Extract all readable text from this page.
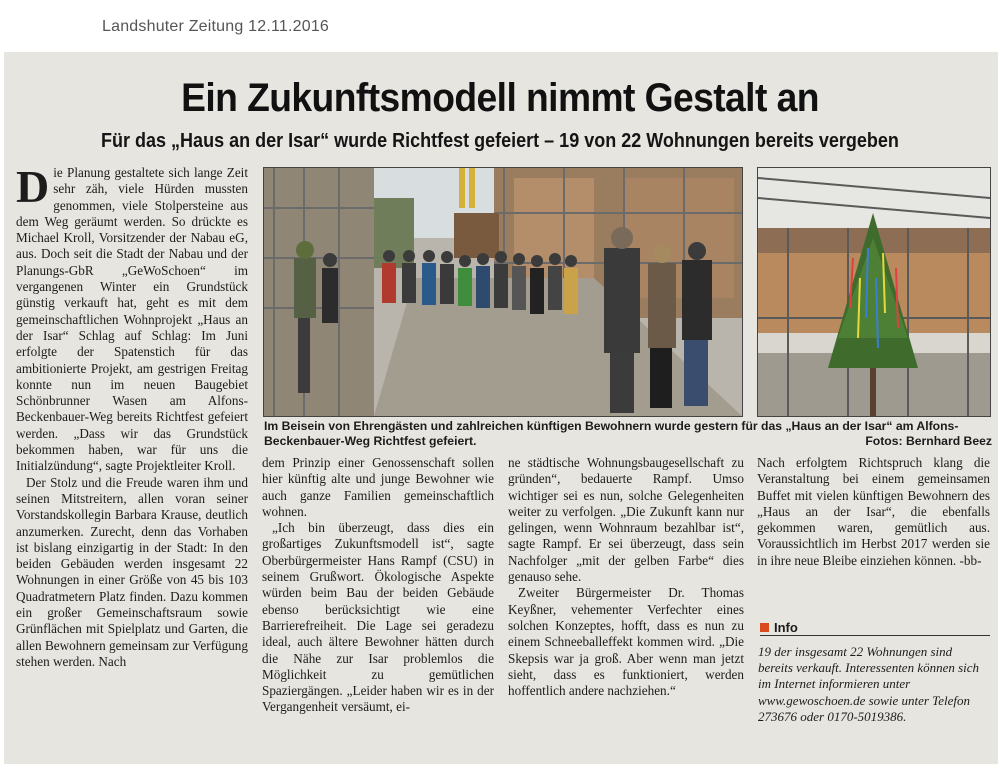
Landshuter Zeitung 12.11.2016
Ein Zukunftsmodell nimmt Gestalt an
Für das „Haus an der Isar“ wurde Richtfest gefeiert – 19 von 22 Wohnungen bereits vergeben

Die Planung gestaltete sich lange Zeit sehr zäh, viele Hürden mussten genommen, viele Stolpersteine aus dem Weg geräumt werden. So drückte es Michael Kroll, Vorsitzender der Nabau eG, aus. Doch seit die Stadt der Nabau und der Planungs-GbR „GeWoSchoen“ im vergangenen Winter ein Grundstück günstig verkauft hat, geht es mit dem gemeinschaftlichen Wohnprojekt „Haus an der Isar“ Schlag auf Schlag: Im Juni erfolgte der Spatenstich für das ambitionierte Projekt, am gestrigen Freitag konnte nun im neuen Baugebiet Schönbrunner Wasen am Alfons-Beckenbauer-Weg bereits Richtfest gefeiert werden. „Dass wir das Grundstück bekommen haben, war für uns die Initialzündung“, sagte Projektleiter Kroll.

Der Stolz und die Freude waren ihm und seinen Mitstreitern, allen voran seiner Vorstandskollegin Barbara Krause, deutlich anzumerken. Zurecht, denn das Vorhaben ist bislang einzigartig in der Stadt: In den beiden Gebäuden werden insgesamt 22 Wohnungen in einer Größe von 45 bis 103 Quadratmetern Platz finden. Dazu kommen ein großer Gemeinschaftsraum sowie Grünflächen mit Spielplatz und Garten, die allen Bewohnern gemeinsam zur Verfügung stehen werden. Nach

Im Beisein von Ehrengästen und zahlreichen künftigen Bewohnern wurde gestern für das „Haus an der Isar“ am Alfons-Beckenbauer-Weg Richtfest gefeiert.	Fotos: Bernhard Beez

dem Prinzip einer Genossenschaft sollen hier künftig alte und junge Bewohner wie auch ganze Familien gemeinschaftlich wohnen.

„Ich bin überzeugt, dass dies ein großartiges Zukunftsmodell ist“, sagte Oberbürgermeister Hans Rampf (CSU) in seinem Grußwort. Ökologische Aspekte würden beim Bau der beiden Gebäude ebenso berücksichtigt wie eine Barrierefreiheit. Die Lage sei geradezu ideal, auch ältere Bewohner hätten durch die Nähe zur Isar problemlos die Möglichkeit zu gemütlichen Spaziergängen. „Leider haben wir es in der Vergangenheit versäumt, ei-

ne städtische Wohnungsbaugesellschaft zu gründen“, bedauerte Rampf. Umso wichtiger sei es nun, solche Gelegenheiten weiter zu verfolgen. „Die Zukunft kann nur gelingen, wenn Wohnraum bezahlbar ist“, sagte Rampf. Er sei überzeugt, dass sein Nachfolger „mit der gelben Farbe“ dies genauso sehe.

Zweiter Bürgermeister Dr. Thomas Keyßner, vehementer Verfechter eines solchen Konzeptes, hofft, dass es nun zu einem Schneeballeffekt kommen wird. „Die Skepsis war ja groß. Aber wenn man jetzt sieht, dass es funktioniert, werden hoffentlich andere nachziehen.“

Nach erfolgtem Richtspruch klang die Veranstaltung bei einem gemeinsamen Buffet mit vielen künftigen Bewohnern des „Haus an der Isar“, die ebenfalls gekommen waren, gemütlich aus. Voraussichtlich im Herbst 2017 werden sie in ihre neue Bleibe einziehen können. -bb-

Info
19 der insgesamt 22 Wohnungen sind bereits verkauft. Interessenten können sich im Internet informieren unter www.gewoschoen.de sowie unter Telefon 273676 oder 0170-5019386.
